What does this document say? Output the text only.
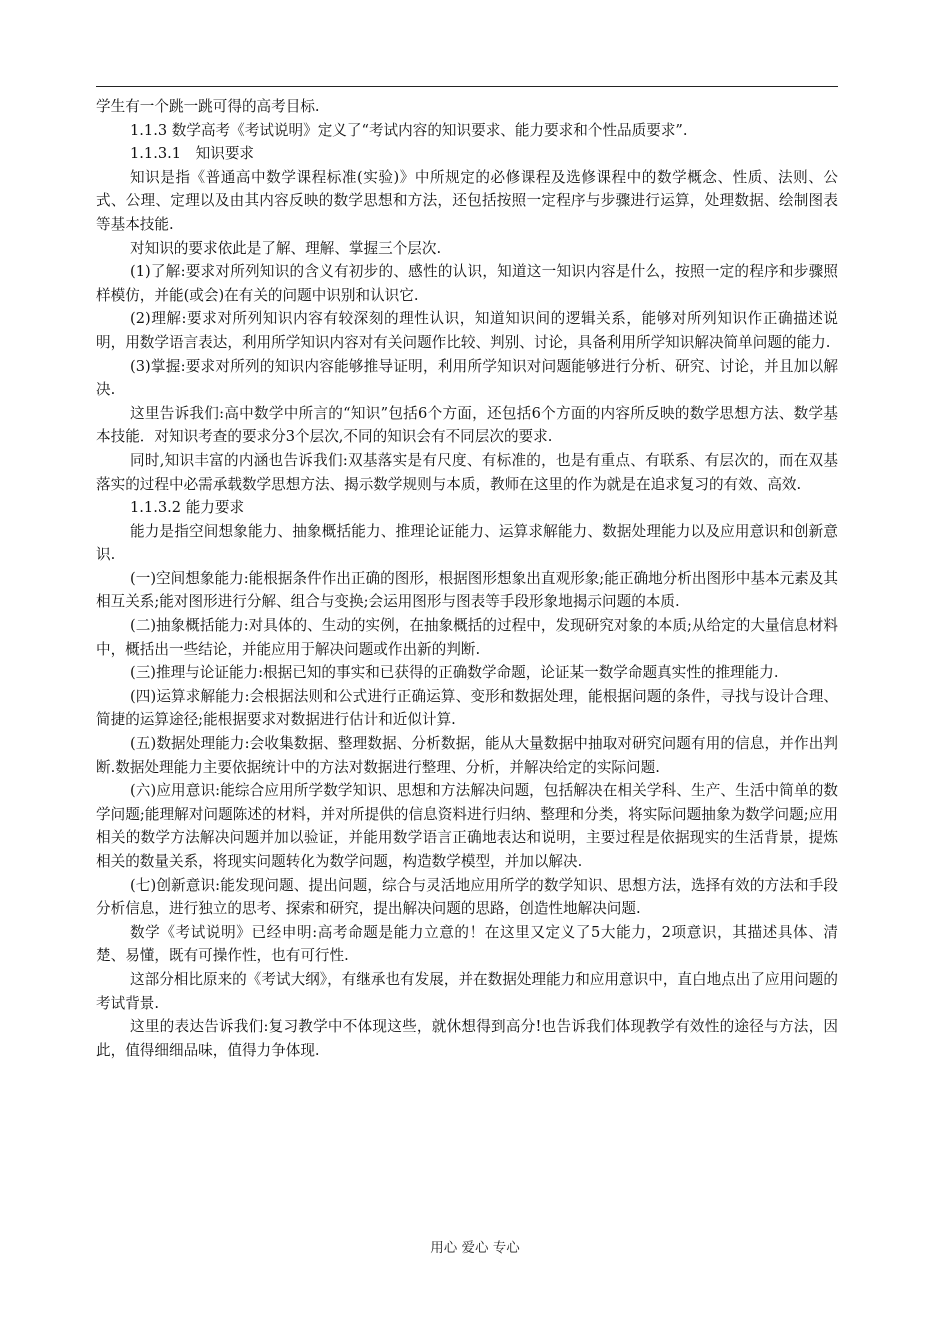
学生有一个跳一跳可得的高考目标.

1.1.3 数学高考《考试说明》定义了“考试内容的知识要求、能力要求和个性品质要求”.

1.1.3.1　知识要求

知识是指《普通高中数学课程标准(实验)》中所规定的必修课程及选修课程中的数学概念、性质、法则、公式、公理、定理以及由其内容反映的数学思想和方法，还包括按照一定程序与步骤进行运算，处理数据、绘制图表等基本技能.

对知识的要求依此是了解、理解、掌握三个层次.

(1)了解:要求对所列知识的含义有初步的、感性的认识，知道这一知识内容是什么，按照一定的程序和步骤照样模仿，并能(或会)在有关的问题中识别和认识它.

(2)理解:要求对所列知识内容有较深刻的理性认识，知道知识间的逻辑关系，能够对所列知识作正确描述说明，用数学语言表达，利用所学知识内容对有关问题作比较、判别、讨论，具备利用所学知识解决简单问题的能力.

(3)掌握:要求对所列的知识内容能够推导证明，利用所学知识对问题能够进行分析、研究、讨论，并且加以解决.

这里告诉我们:高中数学中所言的“知识”包括6个方面，还包括6个方面的内容所反映的数学思想方法、数学基本技能．对知识考查的要求分3个层次,不同的知识会有不同层次的要求.

同时,知识丰富的内涵也告诉我们:双基落实是有尺度、有标准的，也是有重点、有联系、有层次的，而在双基落实的过程中必需承载数学思想方法、揭示数学规则与本质，教师在这里的作为就是在追求复习的有效、高效.

1.1.3.2 能力要求

能力是指空间想象能力、抽象概括能力、推理论证能力、运算求解能力、数据处理能力以及应用意识和创新意识.

(一)空间想象能力:能根据条件作出正确的图形，根据图形想象出直观形象;能正确地分析出图形中基本元素及其相互关系;能对图形进行分解、组合与变换;会运用图形与图表等手段形象地揭示问题的本质.

(二)抽象概括能力:对具体的、生动的实例，在抽象概括的过程中，发现研究对象的本质;从给定的大量信息材料中，概括出一些结论，并能应用于解决问题或作出新的判断.

(三)推理与论证能力:根据已知的事实和已获得的正确数学命题，论证某一数学命题真实性的推理能力.

(四)运算求解能力:会根据法则和公式进行正确运算、变形和数据处理，能根据问题的条件，寻找与设计合理、简捷的运算途径;能根据要求对数据进行估计和近似计算.

(五)数据处理能力:会收集数据、整理数据、分析数据，能从大量数据中抽取对研究问题有用的信息，并作出判断.数据处理能力主要依据统计中的方法对数据进行整理、分析，并解决给定的实际问题.

(六)应用意识:能综合应用所学数学知识、思想和方法解决问题，包括解决在相关学科、生产、生活中简单的数学问题;能理解对问题陈述的材料，并对所提供的信息资料进行归纳、整理和分类，将实际问题抽象为数学问题;应用相关的数学方法解决问题并加以验证，并能用数学语言正确地表达和说明，主要过程是依据现实的生活背景，提炼相关的数量关系，将现实问题转化为数学问题，构造数学模型，并加以解决.

(七)创新意识:能发现问题、提出问题，综合与灵活地应用所学的数学知识、思想方法，选择有效的方法和手段分析信息，进行独立的思考、探索和研究，提出解决问题的思路，创造性地解决问题.

数学《考试说明》已经申明:高考命题是能力立意的！在这里又定义了5大能力，2项意识，其描述具体、清楚、易懂，既有可操作性，也有可行性.

这部分相比原来的《考试大纲》，有继承也有发展，并在数据处理能力和应用意识中，直白地点出了应用问题的考试背景.

这里的表达告诉我们:复习教学中不体现这些，就休想得到高分!也告诉我们体现教学有效性的途径与方法，因此，值得细细品味，值得力争体现.

用心 爱心 专心
